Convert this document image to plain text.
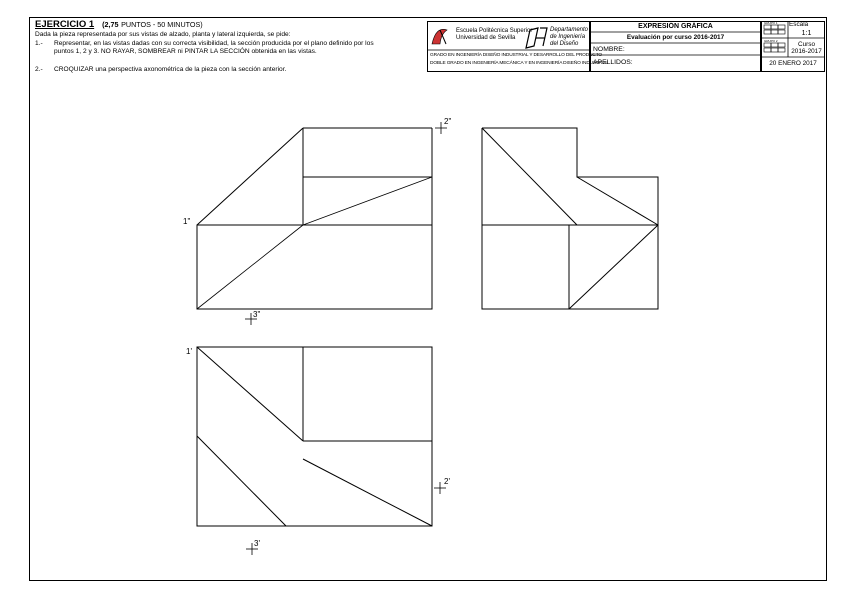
EJERCICIO 1 (2,75 PUNTOS - 50 MINUTOS)
Dada la pieza representada por sus vistas de alzado, planta y lateral izquierda, se pide:
1.- Representar, en las vistas dadas con su correcta visibilidad, la sección producida por el plano definido por los
puntos 1, 2 y 3. NO RAYAR, SOMBREAR ni PINTAR LA SECCIÓN obtenida en las vistas.
2.- CROQUIZAR una perspectiva axonométrica de la pieza con la sección anterior.
Escuela Politécnica Superior
Universidad de Sevilla
Departamento
de Ingeniería
del Diseño
GRADO EN INGENIERÍA DISEÑO INDUSTRIAL Y DESARROLLO DEL PRODUCTO
DOBLE GRADO EN INGENIERÍA MECÁNICA Y EN INGENIERÍA DISEÑO INDUSTRIAL
EXPRESIÓN GRÁFICA
Evaluación por curso 2016-2017
NOMBRE:
APELLIDOS:
GRUPO 1
GRUPO 2
Escala
1:1
Curso
2016-2017
20 ENERO 2017
1"
2"
3"
1'
2'
3'
